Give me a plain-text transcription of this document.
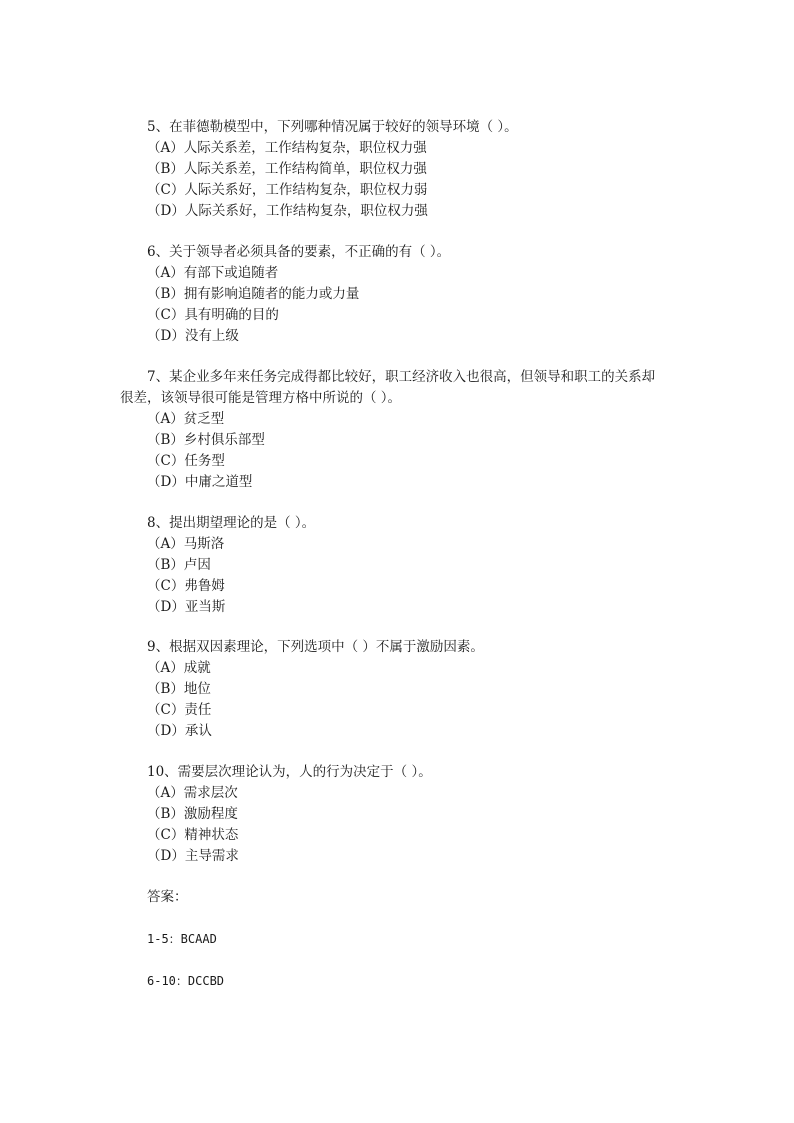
5、在菲德勒模型中，下列哪种情况属于较好的领导环境（ ）。
（A）人际关系差，工作结构复杂，职位权力强
（B）人际关系差，工作结构简单，职位权力强
（C）人际关系好，工作结构复杂，职位权力弱
（D）人际关系好，工作结构复杂，职位权力强
6、关于领导者必须具备的要素，不正确的有（ ）。
（A）有部下或追随者
（B）拥有影响追随者的能力或力量
（C）具有明确的目的
（D）没有上级
7、某企业多年来任务完成得都比较好，职工经济收入也很高，但领导和职工的关系却
很差，该领导很可能是管理方格中所说的（ ）。
（A）贫乏型
（B）乡村俱乐部型
（C）任务型
（D）中庸之道型
8、提出期望理论的是（ ）。
（A）马斯洛
（B）卢因
（C）弗鲁姆
（D）亚当斯
9、根据双因素理论，下列选项中（ ）不属于激励因素。
（A）成就
（B）地位
（C）责任
（D）承认
10、需要层次理论认为，人的行为决定于（ ）。
（A）需求层次
（B）激励程度
（C）精神状态
（D）主导需求
答案：
1-5：BCAAD
6-10：DCCBD
